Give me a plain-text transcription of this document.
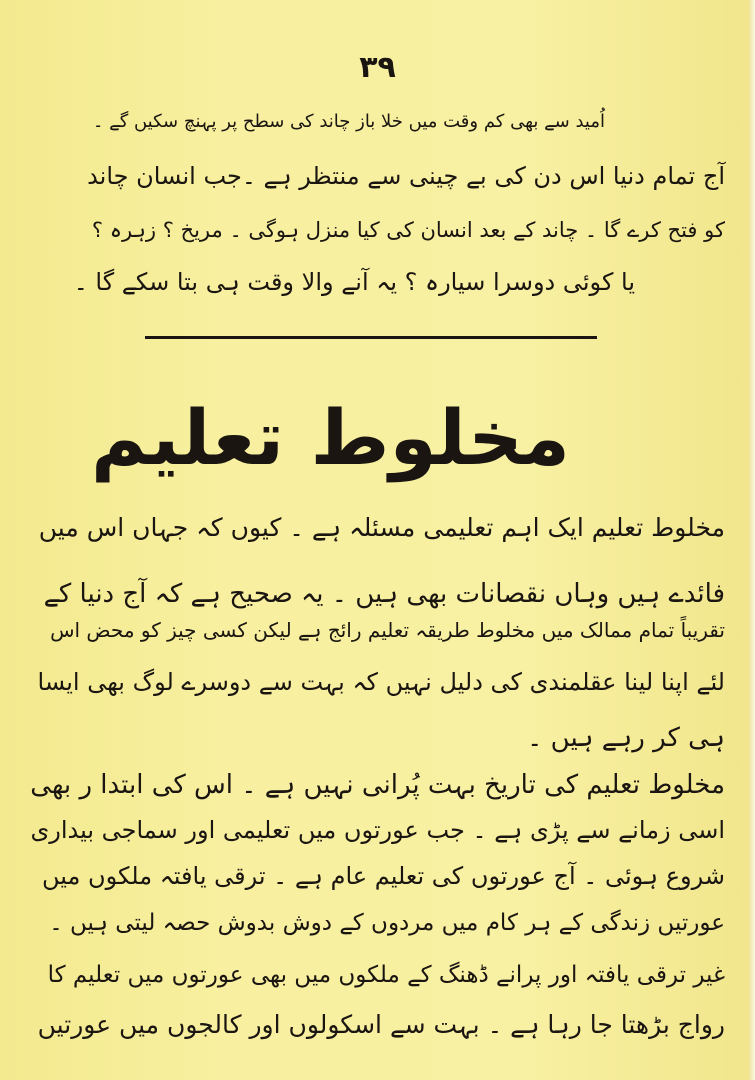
۳۹
اُمید سے بھی کم وقت میں خلا باز چاند کی سطح پر پہنچ سکیں گے ۔
آج تمام دنیا اس دن کی بے چینی سے منتظر ہے ۔جب انسان چاند
کو فتح کرے گا ۔ چاند کے بعد انسان کی کیا منزل ہوگی ۔ مریخ ؟ زہرہ ؟
یا کوئی دوسرا سیارہ ؟ یہ آنے والا وقت ہی بتا سکے گا ۔
مخلوط تعلیم
مخلوط تعلیم ایک اہم تعلیمی مسئلہ ہے ۔ کیوں کہ جہاں اس میں
فائدے ہیں وہاں نقصانات بھی ہیں ۔ یہ صحیح ہے کہ آج دنیا کے
تقریباً تمام ممالک میں مخلوط طریقہ تعلیم رائج ہے لیکن کسی چیز کو محض اس
لئے اپنا لینا عقلمندی کی دلیل نہیں کہ بہت سے دوسرے لوگ بھی ایسا
ہی کر رہے ہیں ۔
مخلوط تعلیم کی تاریخ بہت پُرانی نہیں ہے ۔ اس کی ابتدا ر بھی
اسی زمانے سے پڑی ہے ۔ جب عورتوں میں تعلیمی اور سماجی بیداری
شروع ہوئی ۔ آج عورتوں کی تعلیم عام ہے ۔ ترقی یافتہ ملکوں میں
عورتیں زندگی کے ہر کام میں مردوں کے دوش بدوش حصہ لیتی ہیں ۔
غیر ترقی یافتہ اور پرانے ڈھنگ کے ملکوں میں بھی عورتوں میں تعلیم کا
رواج بڑھتا جا رہا ہے ۔ بہت سے اسکولوں اور کالجوں میں عورتیں
